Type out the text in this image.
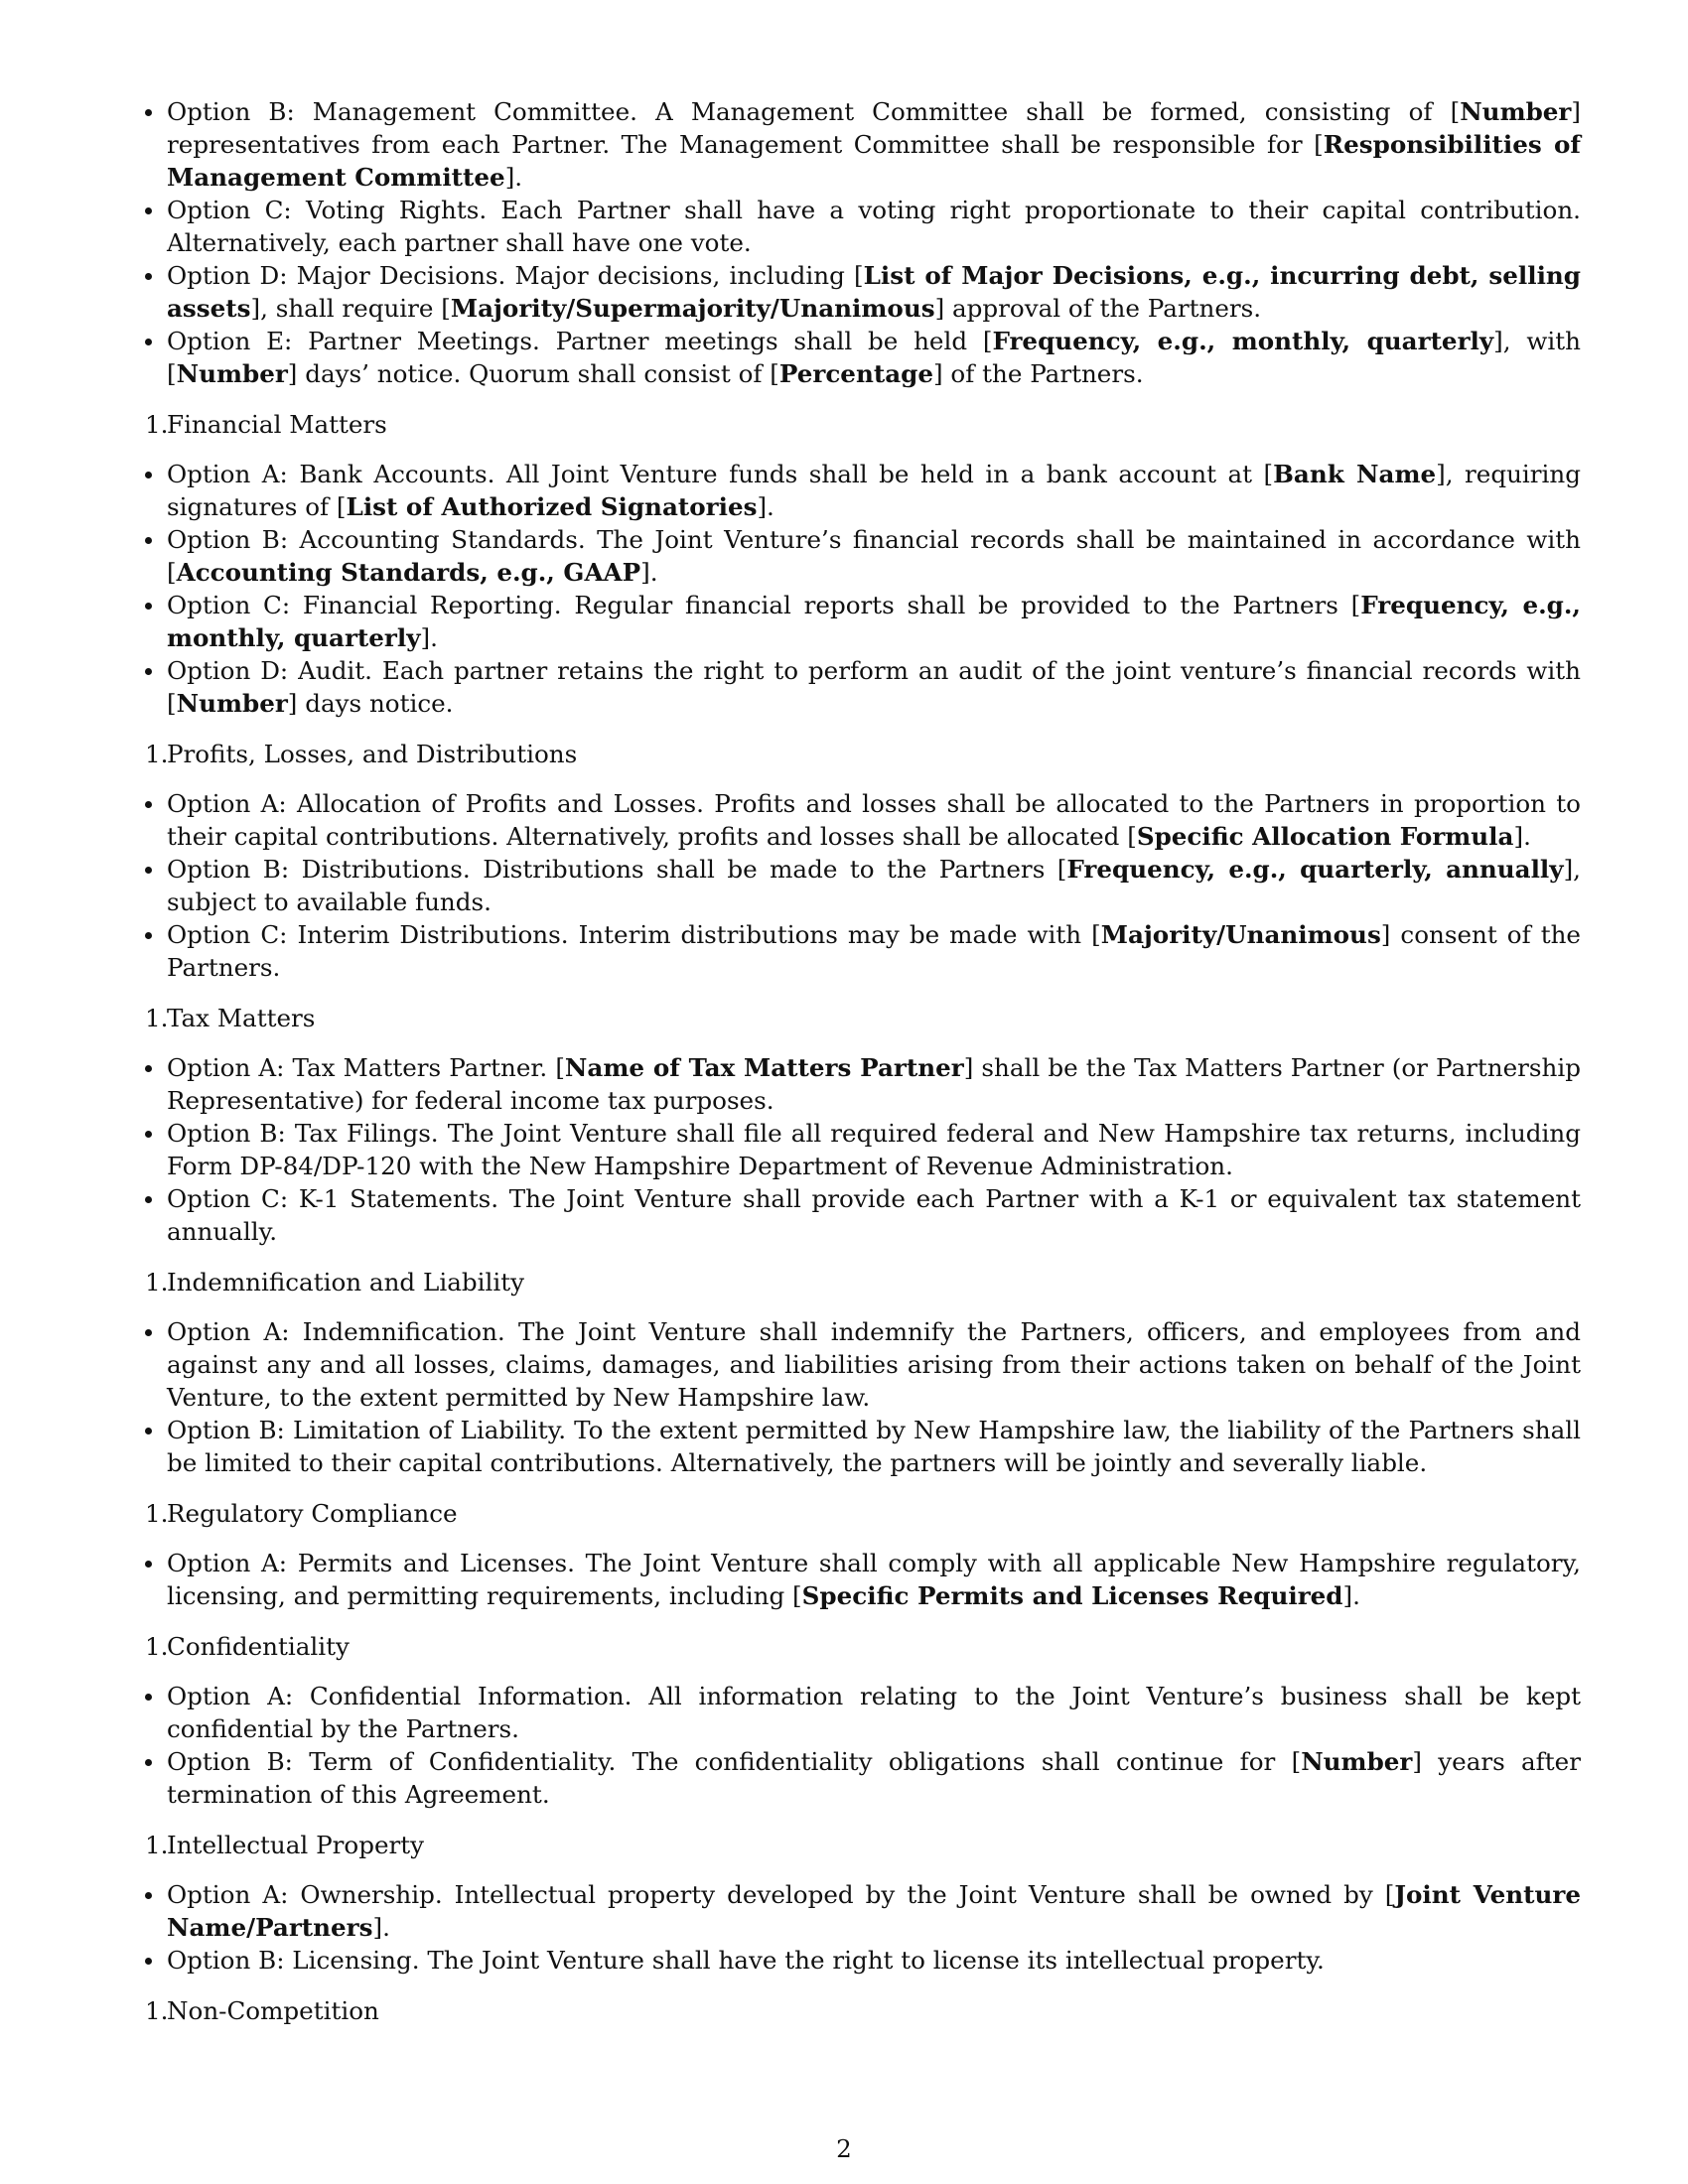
Option B: Management Committee. A Management Committee shall be formed, consisting of [Number] representatives from each Partner. The Management Committee shall be responsible for [Responsibilities of Management Committee].
Option C: Voting Rights. Each Partner shall have a voting right proportionate to their capital contribution. Alternatively, each partner shall have one vote.
Option D: Major Decisions. Major decisions, including [List of Major Decisions, e.g., incurring debt, selling assets], shall require [Majority/Supermajority/Unanimous] approval of the Partners.
Option E: Partner Meetings. Partner meetings shall be held [Frequency, e.g., monthly, quarterly], with [Number] days’ notice. Quorum shall consist of [Percentage] of the Partners.
1.Financial Matters
Option A: Bank Accounts. All Joint Venture funds shall be held in a bank account at [Bank Name], requiring signatures of [List of Authorized Signatories].
Option B: Accounting Standards. The Joint Venture’s financial records shall be maintained in accordance with [Accounting Standards, e.g., GAAP].
Option C: Financial Reporting. Regular financial reports shall be provided to the Partners [Frequency, e.g., monthly, quarterly].
Option D: Audit. Each partner retains the right to perform an audit of the joint venture’s financial records with [Number] days notice.
1.Profits, Losses, and Distributions
Option A: Allocation of Profits and Losses. Profits and losses shall be allocated to the Partners in proportion to their capital contributions. Alternatively, profits and losses shall be allocated [Specific Allocation Formula].
Option B: Distributions. Distributions shall be made to the Partners [Frequency, e.g., quarterly, annually], subject to available funds.
Option C: Interim Distributions. Interim distributions may be made with [Majority/Unanimous] consent of the Partners.
1.Tax Matters
Option A: Tax Matters Partner. [Name of Tax Matters Partner] shall be the Tax Matters Partner (or Partnership Representative) for federal income tax purposes.
Option B: Tax Filings. The Joint Venture shall file all required federal and New Hampshire tax returns, including Form DP-84/DP-120 with the New Hampshire Department of Revenue Administration.
Option C: K-1 Statements. The Joint Venture shall provide each Partner with a K-1 or equivalent tax statement annually.
1.Indemnification and Liability
Option A: Indemnification. The Joint Venture shall indemnify the Partners, officers, and employees from and against any and all losses, claims, damages, and liabilities arising from their actions taken on behalf of the Joint Venture, to the extent permitted by New Hampshire law.
Option B: Limitation of Liability. To the extent permitted by New Hampshire law, the liability of the Partners shall be limited to their capital contributions. Alternatively, the partners will be jointly and severally liable.
1.Regulatory Compliance
Option A: Permits and Licenses. The Joint Venture shall comply with all applicable New Hampshire regulatory, licensing, and permitting requirements, including [Specific Permits and Licenses Required].
1.Confidentiality
Option A: Confidential Information. All information relating to the Joint Venture’s business shall be kept confidential by the Partners.
Option B: Term of Confidentiality. The confidentiality obligations shall continue for [Number] years after termination of this Agreement.
1.Intellectual Property
Option A: Ownership. Intellectual property developed by the Joint Venture shall be owned by [Joint Venture Name/Partners].
Option B: Licensing. The Joint Venture shall have the right to license its intellectual property.
1.Non-Competition
2
